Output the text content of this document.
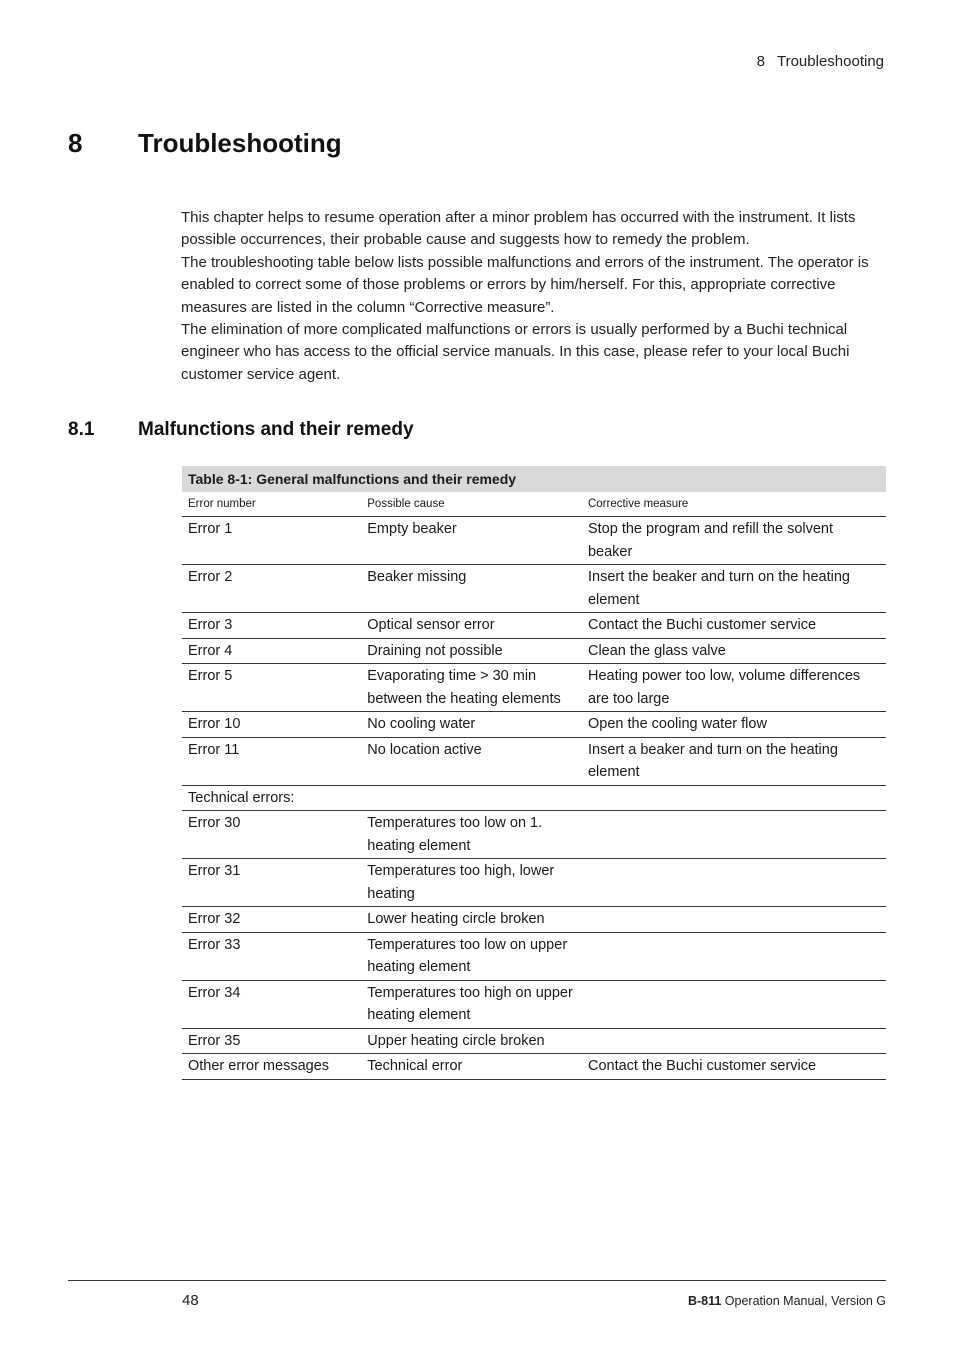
8 Troubleshooting
8 Troubleshooting

This chapter helps to resume operation after a minor problem has occurred with the instrument. It lists possible occurrences, their probable cause and suggests how to remedy the problem.

The troubleshooting table below lists possible malfunctions and errors of the instrument. The operator is enabled to correct some of those problems or errors by him/herself. For this, appropriate corrective measures are listed in the column “Corrective measure”.

The elimination of more complicated malfunctions or errors is usually performed by a Buchi technical engineer who has access to the official service manuals. In this case, please refer to your local Buchi customer service agent.

8.1 Malfunctions and their remedy
Table 8-1: General malfunctions and their remedy		
Error number	Possible cause	Corrective measure
Error 1	Empty beaker	Stop the program and refill the solvent beaker
Error 2	Beaker missing	Insert the beaker and turn on the heating element
Error 3	Optical sensor error	Contact the Buchi customer service
Error 4	Draining not possible	Clean the glass valve
Error 5	Evaporating time > 30 min between the heating elements	Heating power too low, volume differences are too large
Error 10	No cooling water	Open the cooling water flow
Error 11	No location active	Insert a beaker and turn on the heating element
Technical errors:		
Error 30	Temperatures too low on 1. heating element	
Error 31	Temperatures too high, lower heating	
Error 32	Lower heating circle broken	
Error 33	Temperatures too low on upper heating element	
Error 34	Temperatures too high on upper heating element	
Error 35	Upper heating circle broken	
Other error messages	Technical error	Contact the Buchi customer service
48	B-811 Operation Manual, Version G
